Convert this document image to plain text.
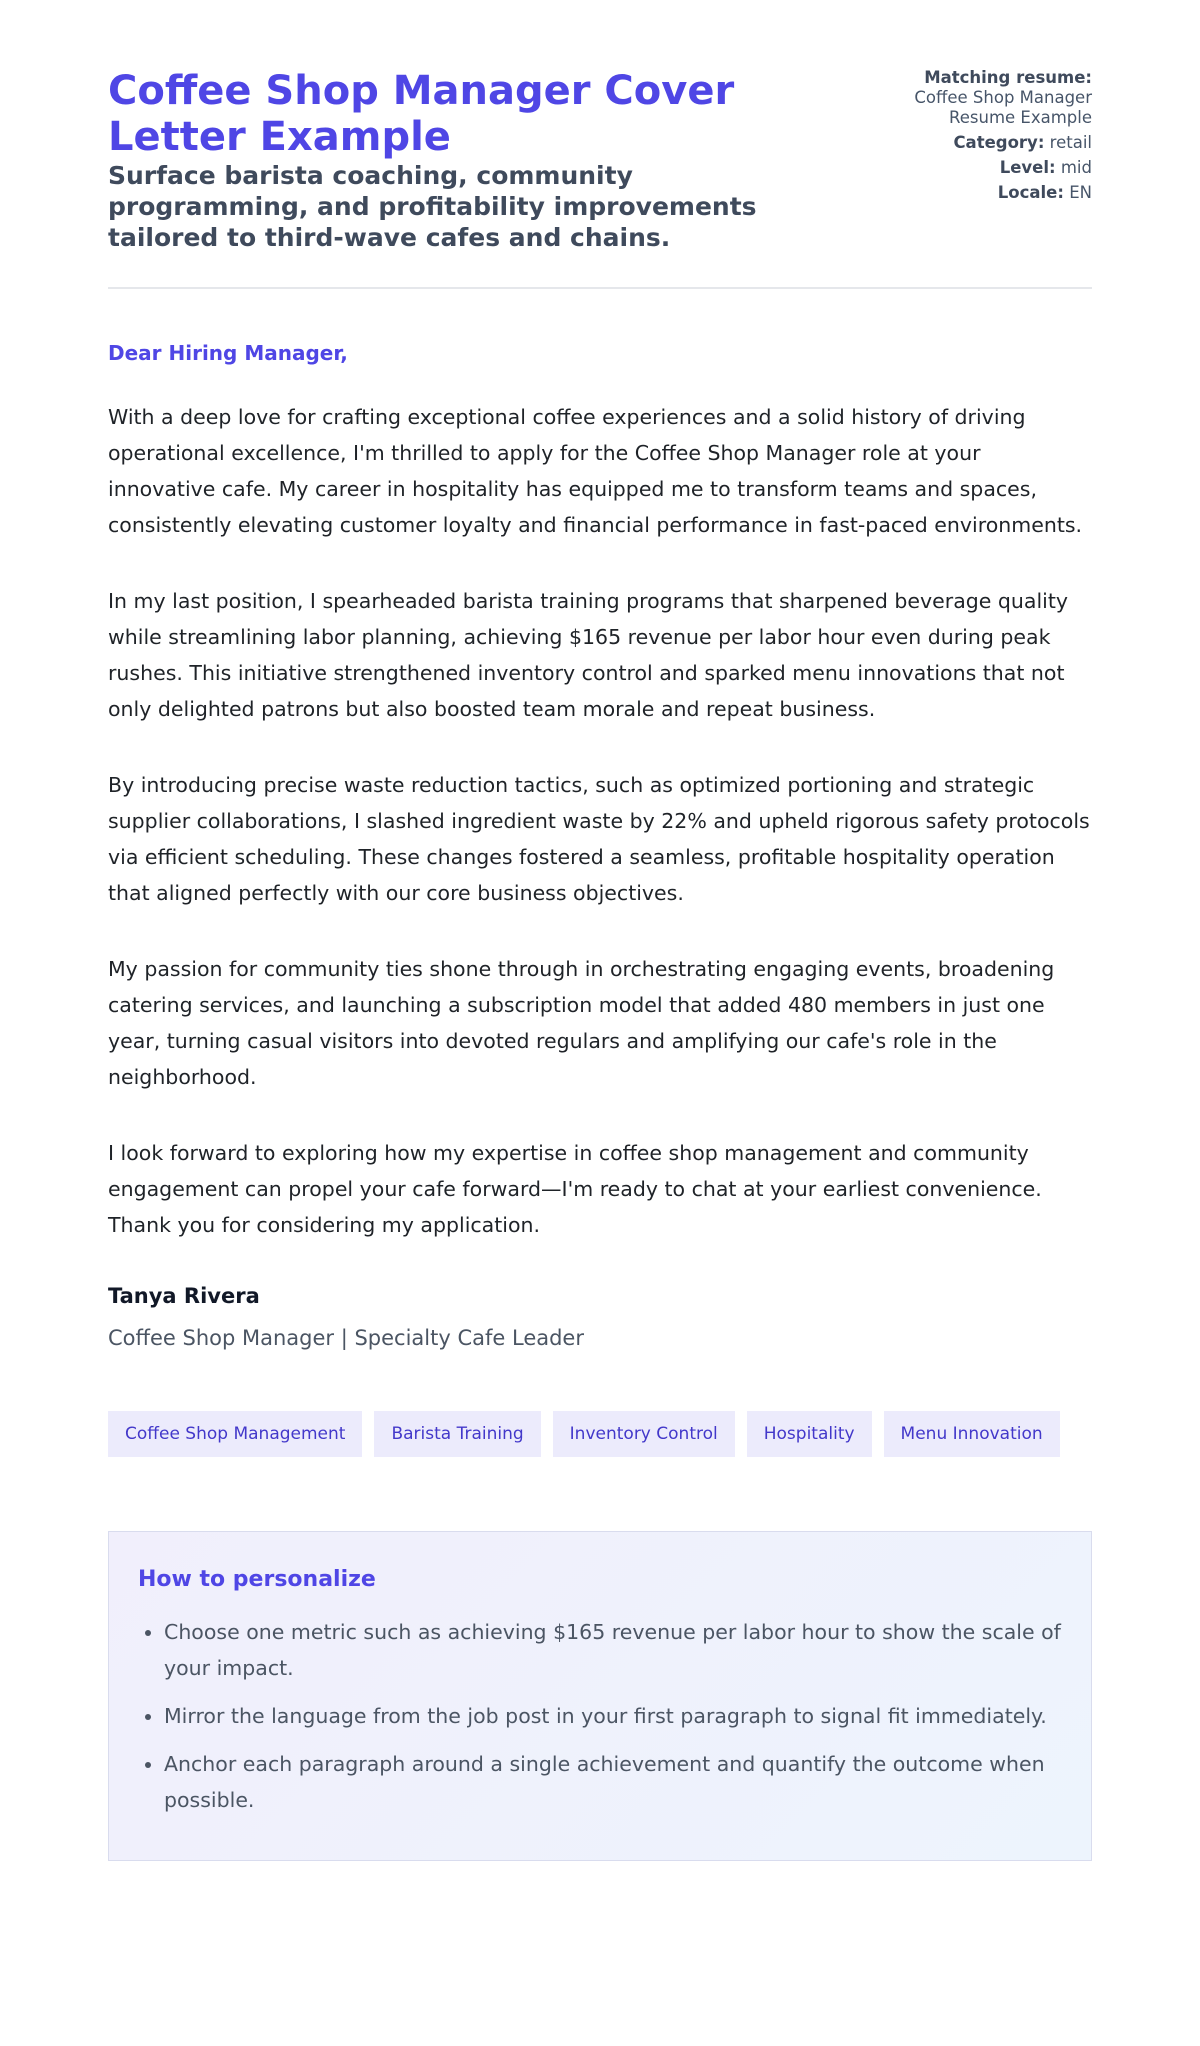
Coffee Shop Manager Cover Letter Example
Surface barista coaching, community programming, and profitability improvements tailored to third-wave cafes and chains.
Matching resume:
Coffee Shop Manager Resume Example
Category: retail
Level: mid
Locale: EN
Dear Hiring Manager,

With a deep love for crafting exceptional coffee experiences and a solid history of driving operational excellence, I'm thrilled to apply for the Coffee Shop Manager role at your innovative cafe. My career in hospitality has equipped me to transform teams and spaces, consistently elevating customer loyalty and financial performance in fast-paced environments.

In my last position, I spearheaded barista training programs that sharpened beverage quality while streamlining labor planning, achieving $165 revenue per labor hour even during peak rushes. This initiative strengthened inventory control and sparked menu innovations that not only delighted patrons but also boosted team morale and repeat business.

By introducing precise waste reduction tactics, such as optimized portioning and strategic supplier collaborations, I slashed ingredient waste by 22% and upheld rigorous safety protocols via efficient scheduling. These changes fostered a seamless, profitable hospitality operation that aligned perfectly with our core business objectives.

My passion for community ties shone through in orchestrating engaging events, broadening catering services, and launching a subscription model that added 480 members in just one year, turning casual visitors into devoted regulars and amplifying our cafe's role in the neighborhood.

I look forward to exploring how my expertise in coffee shop management and community engagement can propel your cafe forward—I'm ready to chat at your earliest convenience. Thank you for considering my application.

Tanya Rivera
Coffee Shop Manager | Specialty Cafe Leader
Coffee Shop Management	Barista Training	Inventory Control	Hospitality	Menu Innovation
How to personalize
• Choose one metric such as achieving $165 revenue per labor hour to show the scale of your impact.
• Mirror the language from the job post in your first paragraph to signal fit immediately.
• Anchor each paragraph around a single achievement and quantify the outcome when possible.
